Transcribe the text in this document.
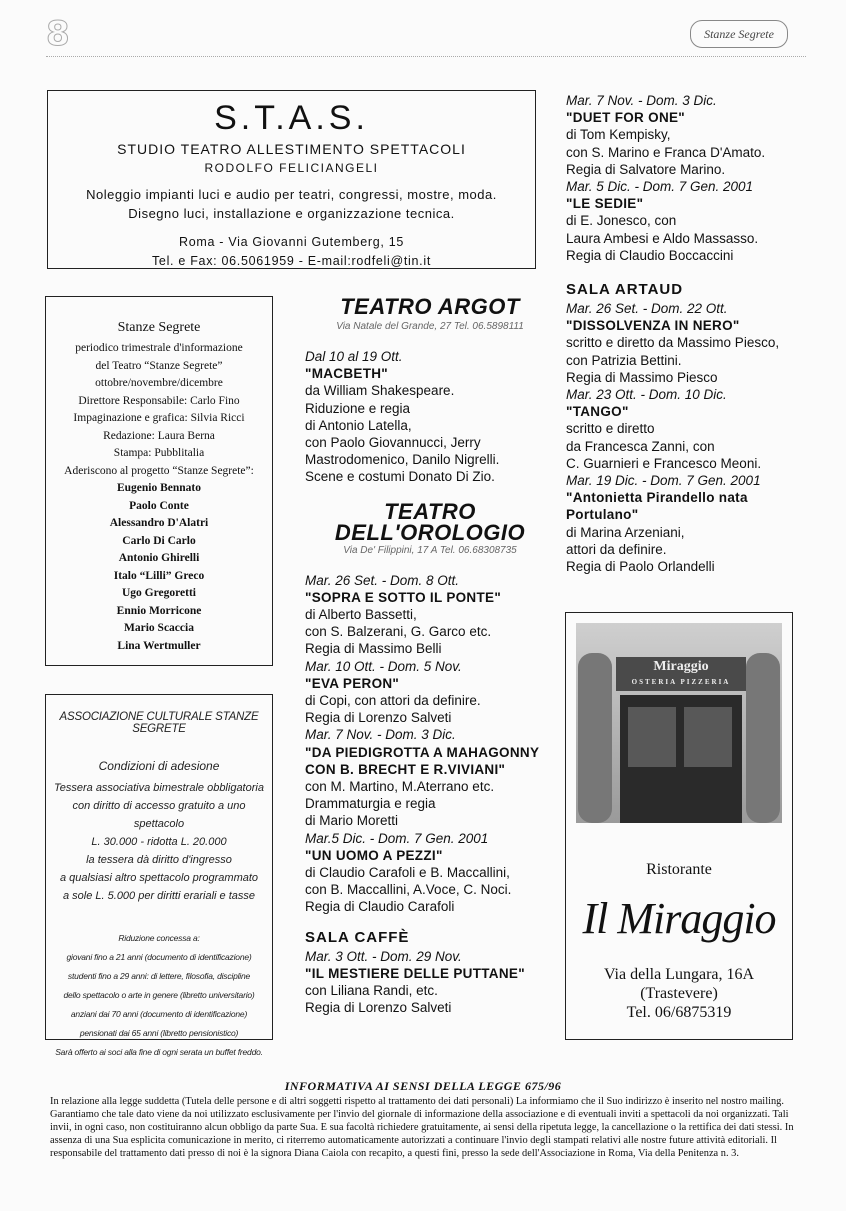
8	Stanze Segrete
S.T.A.S.
STUDIO TEATRO ALLESTIMENTO SPETTACOLI
RODOLFO FELICIANGELI
Noleggio impianti luci e audio per teatri, congressi, mostre, moda.
Disegno luci, installazione e organizzazione tecnica.
Roma - Via Giovanni Gutemberg, 15
Tel. e Fax: 06.5061959 - E-mail:rodfeli@tin.it
Stanze Segrete
periodico trimestrale d'informazione
del Teatro “Stanze Segrete”
ottobre/novembre/dicembre
Direttore Responsabile: Carlo Fino
Impaginazione e grafica: Silvia Ricci
Redazione: Laura Berna
Stampa: Pubblitalia
Aderiscono al progetto “Stanze Segrete”:
Eugenio Bennato
Paolo Conte
Alessandro D'Alatri
Carlo Di Carlo
Antonio Ghirelli
Italo “Lilli” Greco
Ugo Gregoretti
Ennio Morricone
Mario Scaccia
Lina Wertmuller
ASSOCIAZIONE CULTURALE STANZE SEGRETE
Condizioni di adesione
Tessera associativa bimestrale obbligatoria
con diritto di accesso gratuito a uno spettacolo
L. 30.000 - ridotta L. 20.000
la tessera dà diritto d'ingresso
a qualsiasi altro spettacolo programmato
a sole L. 5.000 per diritti erariali e tasse
Riduzione concessa a:
giovani fino a 21 anni (documento di identificazione)
studenti fino a 29 anni: di lettere, filosofia, discipline
dello spettacolo o arte in genere (libretto universitario)
anziani dai 70 anni (documento di identificazione)
pensionati dai 65 anni (libretto pensionistico)
Sarà offerto ai soci alla fine di ogni serata un buffet freddo.
TEATRO ARGOT
Via Natale del Grande, 27 Tel. 06.5898111
Dal 10 al 19 Ott.
"MACBETH"
da William Shakespeare.
Riduzione e regia
di Antonio Latella,
con Paolo Giovannucci, Jerry
Mastrodomenico, Danilo Nigrelli.
Scene e costumi Donato Di Zio.
TEATRO
DELL'OROLOGIO
Via De' Filippini, 17 A Tel. 06.68308735
Mar. 26 Set. - Dom. 8 Ott.
"SOPRA E SOTTO IL PONTE"
di Alberto Bassetti,
con S. Balzerani, G. Garco etc.
Regia di Massimo Belli
Mar. 10 Ott. - Dom. 5 Nov.
"EVA PERON"
di Copi, con attori da definire.
Regia di Lorenzo Salveti
Mar. 7 Nov. - Dom. 3 Dic.
"DA PIEDIGROTTA A MAHAGONNY CON B. BRECHT E R.VIVIANI"
con M. Martino, M.Aterrano etc.
Drammaturgia e regia
di Mario Moretti
Mar.5 Dic. - Dom. 7 Gen. 2001
"UN UOMO A PEZZI"
di Claudio Carafoli e B. Maccallini,
con B. Maccallini, A.Voce, C. Noci.
Regia di Claudio Carafoli
SALA CAFFÈ
Mar. 3 Ott. - Dom. 29 Nov.
"IL MESTIERE DELLE PUTTANE"
con Liliana Randi, etc.
Regia di Lorenzo Salveti
Mar. 7 Nov. - Dom. 3 Dic.
"DUET FOR ONE"
di Tom Kempisky,
con S. Marino e Franca D'Amato.
Regia di Salvatore Marino.
Mar. 5 Dic. - Dom. 7 Gen. 2001
"LE SEDIE"
di E. Jonesco, con
Laura Ambesi e Aldo Massasso.
Regia di Claudio Boccaccini
SALA ARTAUD
Mar. 26 Set. - Dom. 22 Ott.
"DISSOLVENZA IN NERO"
scritto e diretto da Massimo Piesco,
con Patrizia Bettini.
Regia di Massimo Piesco
Mar. 23 Ott. - Dom. 10 Dic.
"TANGO"
scritto e diretto
da Francesca Zanni, con
C. Guarnieri e Francesco Meoni.
Mar. 19 Dic. - Dom. 7 Gen. 2001
"Antonietta Pirandello nata Portulano"
di Marina Arzeniani,
attori da definire.
Regia di Paolo Orlandelli
Miraggio
OSTERIA PIZZERIA
Ristorante
Il Miraggio
Via della Lungara, 16A
(Trastevere)
Tel. 06/6875319
INFORMATIVA AI SENSI DELLA LEGGE 675/96
In relazione alla legge suddetta (Tutela delle persone e di altri soggetti rispetto al trattamento dei dati personali) La informiamo che il Suo indirizzo è inserito nel nostro mailing. Garantiamo che tale dato viene da noi utilizzato esclusivamente per l'invio del giornale di informazione della associazione e di eventuali inviti a spettacoli da noi organizzati. Tali invii, in ogni caso, non costituiranno alcun obbligo da parte Sua. E sua facoltà richiedere gratuitamente, ai sensi della ripetuta legge, la cancellazione o la rettifica dei dati stessi. In assenza di una Sua esplicita comunicazione in merito, ci riterremo automaticamente autorizzati a continuare l'invio degli stampati relativi alle nostre future attività editoriali. Il responsabile del trattamento dati presso di noi è la signora Diana Caiola con recapito, a questi fini, presso la sede dell'Associazione in Roma, Via della Penitenza n. 3.
